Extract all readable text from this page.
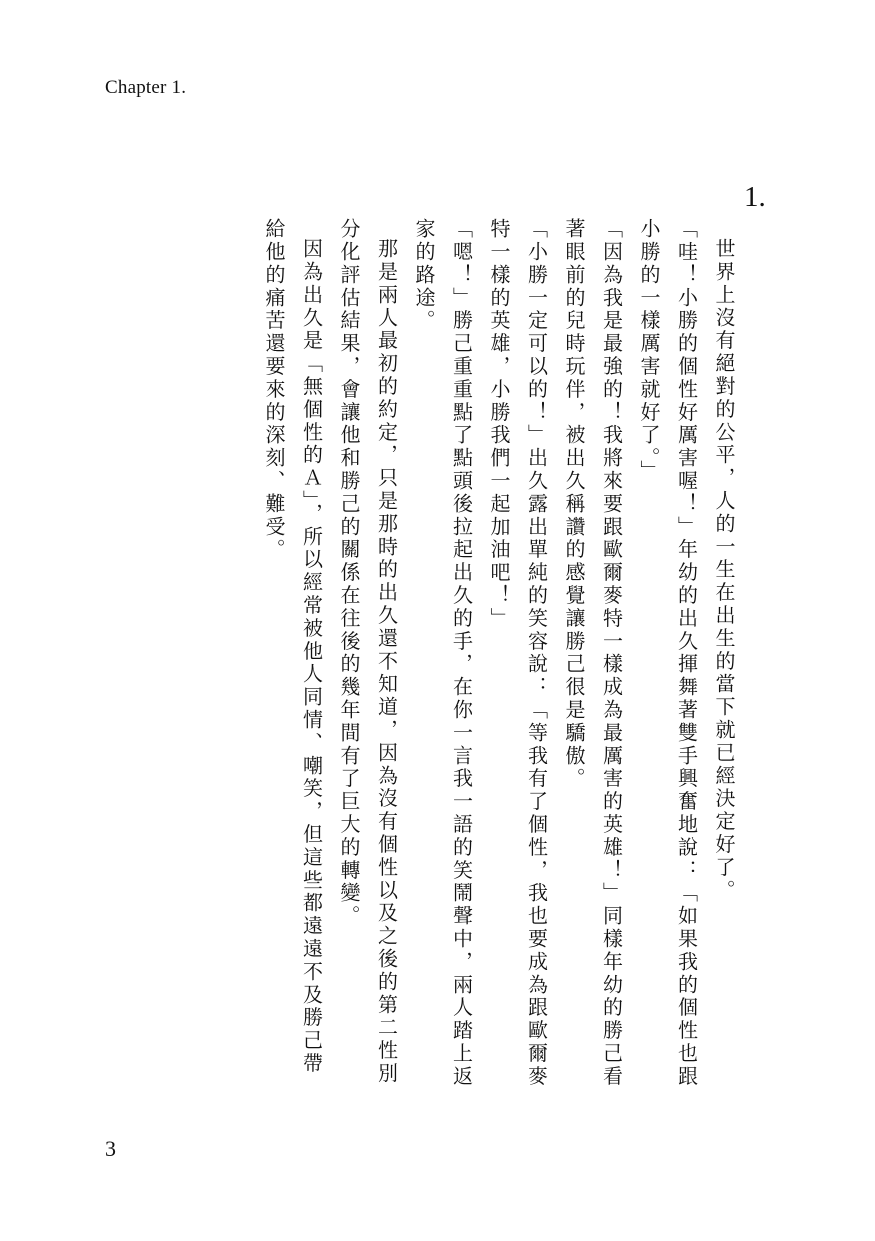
Chapter 1.
1.

世界上沒有絕對的公平，人的一生在出生的當下就已經決定好了。

「哇！小勝的個性好厲害喔！」年幼的出久揮舞著雙手興奮地說：「如果我的個性也跟小勝的一樣厲害就好了。」

「因為我是最強的！我將來要跟歐爾麥特一樣成為最厲害的英雄！」同樣年幼的勝己看著眼前的兒時玩伴，被出久稱讚的感覺讓勝己很是驕傲。

「小勝一定可以的！」出久露出單純的笑容說：「等我有了個性，我也要成為跟歐爾麥特一樣的英雄，小勝我們一起加油吧！」

「嗯！」勝己重重點了點頭後拉起出久的手，在你一言我一語的笑鬧聲中，兩人踏上返家的路途。

那是兩人最初的約定，只是那時的出久還不知道，因為沒有個性以及之後的第二性別分化評估結果，會讓他和勝己的關係在往後的幾年間有了巨大的轉變。

因為出久是「無個性的Ａ」，所以經常被他人同情、嘲笑，但這些都遠遠不及勝己帶給他的痛苦還要來的深刻、難受。

3
